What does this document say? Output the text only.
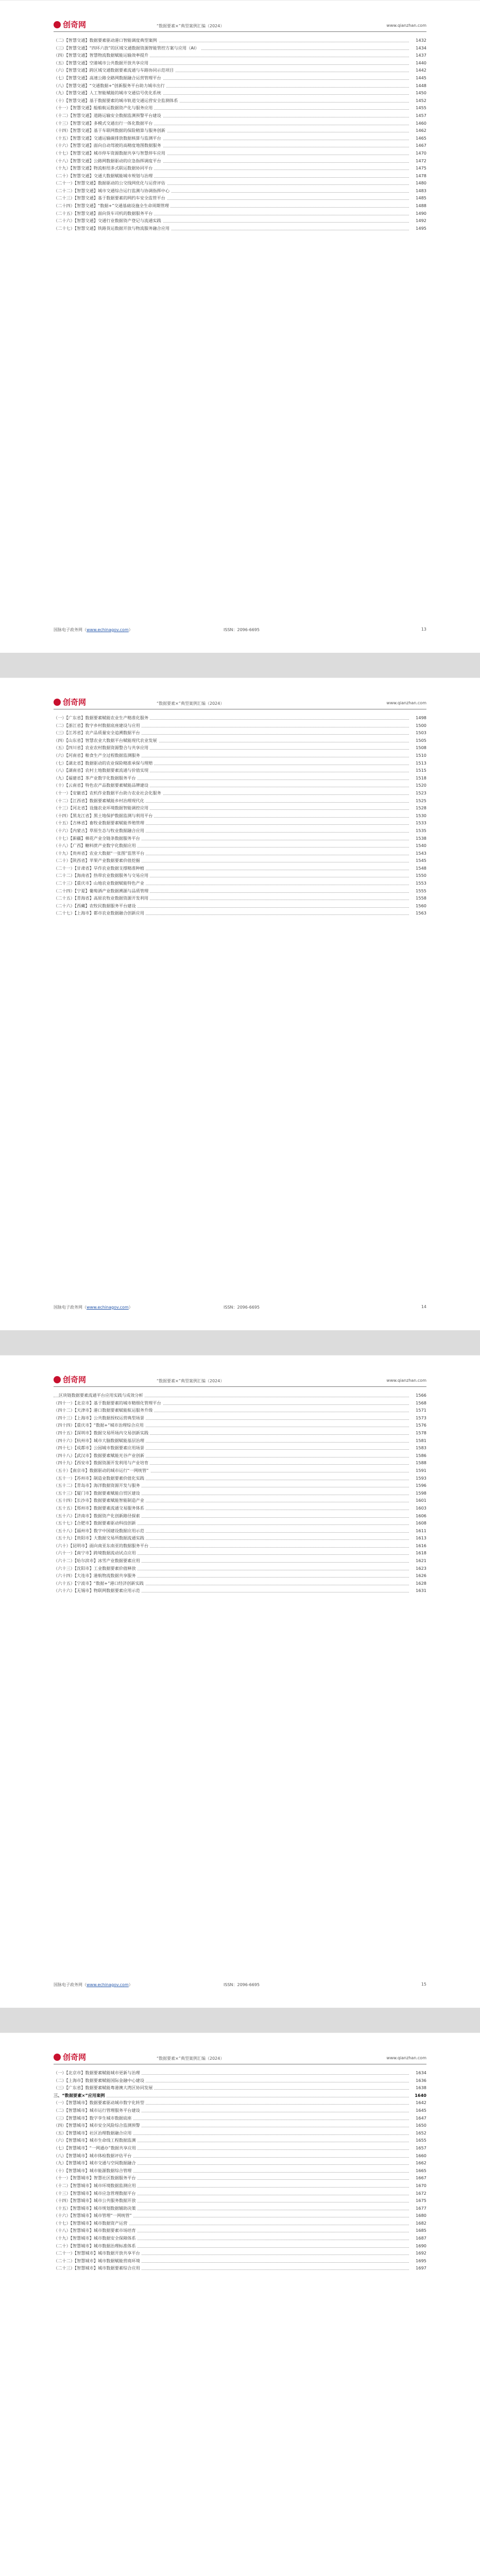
创奇网	“数据要素×”典型案例汇编（2024）	www.qianzhan.com
（二）【智慧交通】数据要素驱动港口智能调度典型案例	1432
（三）【智慧交通】“四环六放”的区域交通数据资源智能管控方案与应用（AI）	1434
（四）【智慧交通】智慧物流数据赋能运输效率提升	1437
（五）【智慧交通】空港城市公共数据开放共享应用	1440
（六）【智慧交通】跨区域交通数据要素流通与车路协同示范项目	1442
（七）【智慧交通】高速公路全路网数据融合运营管理平台	1445
（八）【智慧交通】“交通数据+”创新服务平台助力城市出行	1448
（九）【智慧交通】人工智能赋能的城市交通信号优化系统	1450
（十）【智慧交通】基于数据要素的城市轨道交通运营安全监测体系	1452
（十一）【智慧交通】船舶航运数据资产化与服务应用	1455
（十二）【智慧交通】道路运输安全数据监测预警平台建设	1457
（十三）【智慧交通】多模式交通出行一体化数据平台	1460
（十四）【智慧交通】基于车联网数据的保险精算与服务创新	1462
（十五）【智慧交通】交通运输碳排放数据核算与监测平台	1465
（十六）【智慧交通】面向自动驾驶的高精度地图数据服务	1467
（十七）【智慧交通】城市停车资源数据共享与智慧停车应用	1470
（十八）【智慧交通】公路网数据驱动的应急指挥调度平台	1472
（十九）【智慧交通】物流枢纽多式联运数据协同平台	1475
（二十）【智慧交通】交通大数据赋能城市规划与治理	1478
（二十一）【智慧交通】数据驱动的公交线网优化与运营评估	1480
（二十二）【智慧交通】城市交通综合运行监测与协调指挥中心	1483
（二十三）【智慧交通】基于数据要素的网约车安全监管平台	1485
（二十四）【智慧交通】“数据+”交通基础设施全生命周期管理	1488
（二十五）【智慧交通】面向货车司机的数据服务平台	1490
（二十六）【智慧交通】交通行业数据资产登记与流通实践	1492
（二十七）【智慧交通】铁路货运数据开放与物流服务融合应用	1495
国脉电子政务网（www.echinagov.com）	ISSN：2096-6695	13
创奇网	“数据要素×”典型案例汇编（2024）	www.qianzhan.com
（一）【广东省】数据要素赋能农业生产精准化服务	1498
（二）【浙江省】数字乡村数据底座建设与应用	1500
（三）【江苏省】农产品质量安全追溯数据平台	1503
（四）【山东省】智慧农业大数据平台赋能现代农业发展	1505
（五）【四川省】农业农村数据资源整合与共享应用	1508
（六）【河南省】粮食生产全过程数据监测服务	1510
（七）【湖北省】数据驱动的农业保险精准承保与理赔	1513
（八）【湖南省】农村土地数据要素流通与价值实现	1515
（九）【福建省】茶产业数字化数据服务平台	1518
（十）【云南省】特色农产品数据要素赋能品牌建设	1520
（十一）【安徽省】农机作业数据平台助力农业社会化服务	1523
（十二）【江西省】数据要素赋能乡村治理现代化	1525
（十三）【河北省】设施农业环境数据智能调控应用	1528
（十四）【黑龙江省】黑土地保护数据监测与利用平台	1530
（十五）【吉林省】畜牧业数据要素赋能养殖管理	1533
（十六）【内蒙古】草原生态与牧业数据融合应用	1535
（十七）【新疆】棉花产业全链条数据服务平台	1538
（十八）【广西】糖料蔗产业数字化数据应用	1540
（十九）【贵州省】农业大数据“一张图”监管平台	1543
（二十）【陕西省】苹果产业数据要素价值挖掘	1545
（二十一）【甘肃省】旱作农业数据支撑精准种植	1548
（二十二）【海南省】热带农业数据服务与交易应用	1550
（二十三）【重庆市】山地农业数据赋能特色产业	1553
（二十四）【宁夏】葡萄酒产业数据溯源与品质管理	1555
（二十五）【青海省】高原农牧业数据资源开发利用	1558
（二十六）【西藏】农牧民数据服务平台建设	1560
（二十七）【上海市】都市农业数据融合创新应用	1563
国脉电子政务网（www.echinagov.com）	ISSN：2096-6695	14
创奇网	“数据要素×”典型案例汇编（2024）	www.qianzhan.com
区块链数据要素流通平台应用实践与成效分析	1566
（四十一）【北京市】基于数据要素的城市精细化管理平台	1568
（四十二）【天津市】港口数据要素赋能航运服务升级	1571
（四十三）【上海市】公共数据授权运营典型场景	1573
（四十四）【重庆市】“数据+”城市治理综合应用	1576
（四十五）【深圳市】数据交易所场内交易创新实践	1578
（四十六）【杭州市】城市大脑数据赋能基层治理	1581
（四十七）【成都市】公园城市数据要素应用场景	1583
（四十八）【武汉市】数据要素赋能光谷产业创新	1586
（四十九）【西安市】数据资源开发利用与产业培育	1588
（五十）【南京市】数据驱动的城市运行“一网统管”	1591
（五十一）【苏州市】制造业数据要素价值化实践	1593
（五十二）【青岛市】海洋数据资源开发与服务	1596
（五十三）【厦门市】数据要素赋能自贸区建设	1598
（五十四）【长沙市】数据要素赋能智能制造产业	1601
（五十五）【郑州市】数据要素流通交易服务体系	1603
（五十六）【济南市】数据资产化创新路径探索	1606
（五十七）【合肥市】数据要素驱动科技创新	1608
（五十八）【福州市】数字中国建设数据应用示范	1611
（五十九）【贵阳市】大数据交易所数据流通实践	1613
（六十）【昆明市】面向南亚东南亚的数据服务平台	1616
（六十一）【南宁市】跨境数据流动试点应用	1618
（六十二）【哈尔滨市】冰雪产业数据要素应用	1621
（六十三）【沈阳市】工业数据要素价值释放	1623
（六十四）【大连市】港航物流数据共享服务	1626
（六十五）【宁波市】“数据+”港口经济创新实践	1628
（六十六）【无锡市】物联网数据要素应用示范	1631
国脉电子政务网（www.echinagov.com）	ISSN：2096-6695	15
创奇网	“数据要素×”典型案例汇编（2024）	www.qianzhan.com
（一）【北京市】数据要素赋能城市更新与治理	1634
（二）【上海市】数据要素赋能国际金融中心建设	1636
（三）【广东省】数据要素赋能粤港澳大湾区协同发展	1638
三、“数据要素×”应用案例	1640
（一）【智慧城市】数据要素驱动城市数字化转型	1642
（二）【智慧城市】城市运行管理服务平台建设	1645
（三）【智慧城市】数字孪生城市数据底座	1647
（四）【智慧城市】城市安全风险综合监测预警	1650
（五）【智慧城市】社区治理数据融合应用	1652
（六）【智慧城市】城市生命线工程数据监测	1655
（七）【智慧城市】“一网通办”数据共享应用	1657
（八）【智慧城市】城市体检数据评估平台	1660
（九）【智慧城市】城市交通与空间数据融合	1662
（十）【智慧城市】城市能源数据综合管理	1665
（十一）【智慧城市】智慧社区数据服务平台	1667
（十二）【智慧城市】城市环境数据监测应用	1670
（十三）【智慧城市】城市应急管理数据平台	1672
（十四）【智慧城市】城市公共服务数据开放	1675
（十五）【智慧城市】城市规划数据辅助决策	1677
（十六）【智慧城市】城市管理“一网统管”	1680
（十七）【智慧城市】城市数据资产运营	1682
（十八）【智慧城市】城市数据要素市场培育	1685
（十九）【智慧城市】城市数据安全保障体系	1687
（二十）【智慧城市】城市数据治理标准体系	1690
（二十一）【智慧城市】城市数据开放共享平台	1692
（二十二）【智慧城市】城市数据赋能营商环境	1695
（二十三）【智慧城市】城市数据要素综合应用	1697
